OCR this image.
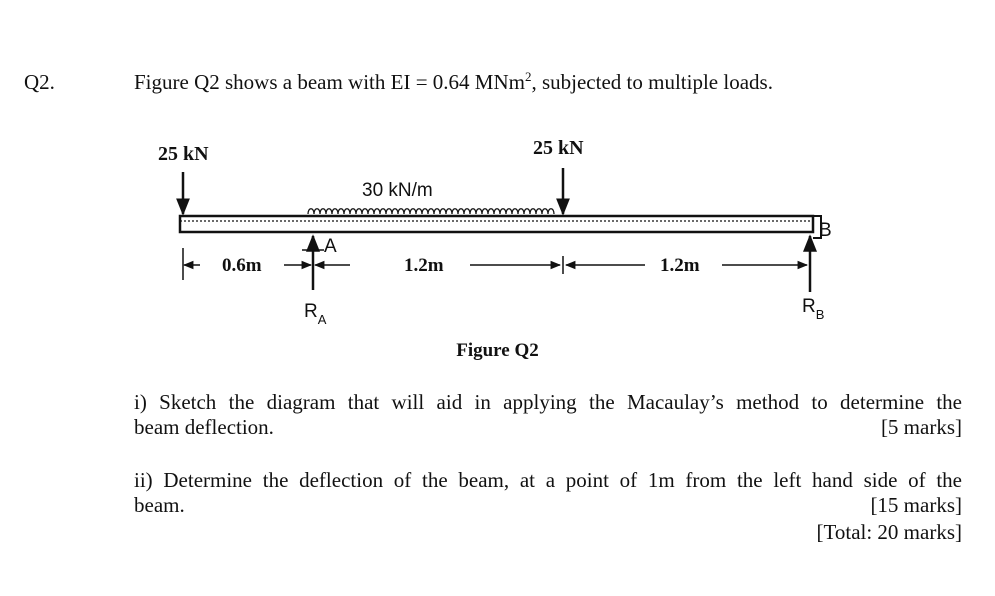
Q2.	Figure Q2 shows a beam with EI = 0.64 MNm$^2$, subjected to multiple loads.
25 kN	25 kN
30 kN/m
A
$R_A$
B
$R_B$
0.6m	1.2m	1.2m
Figure Q2
i) Sketch the diagram that will aid in applying the Macaulay’s method to determine the
beam deflection.	[5 marks]
ii) Determine the deflection of the beam, at a point of 1m from the left hand side of the
beam.	[15 marks]
[Total: 20 marks]
